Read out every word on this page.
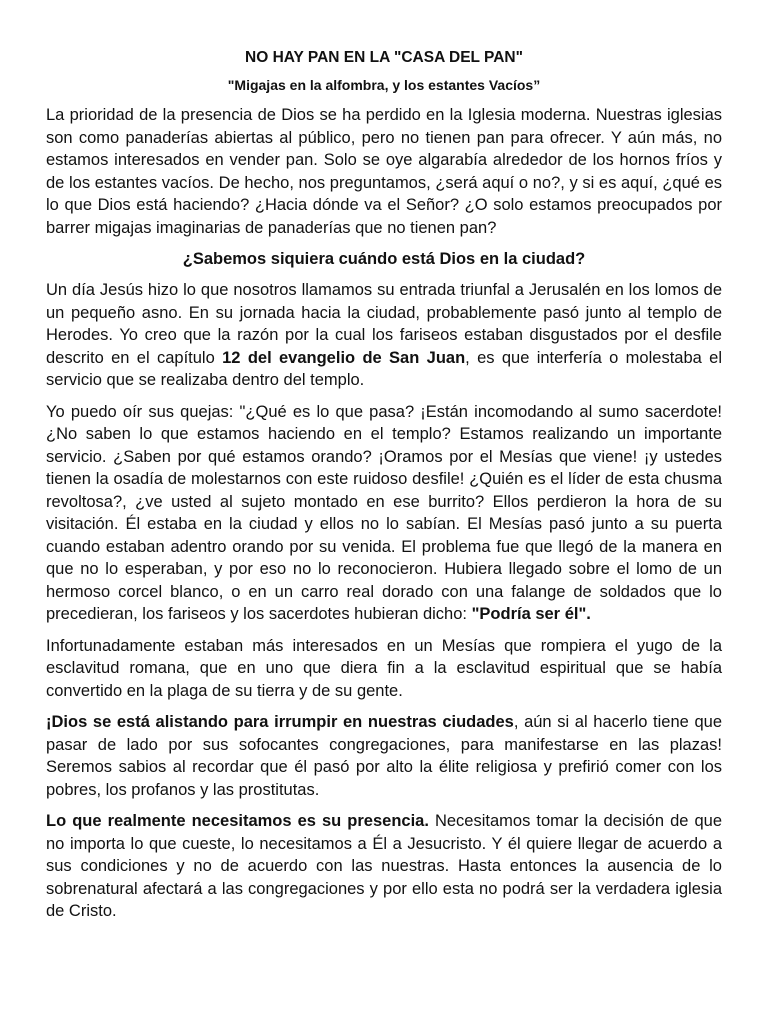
NO HAY PAN EN LA "CASA DEL PAN"
"Migajas en la alfombra, y los estantes Vacíos”

La prioridad de la presencia de Dios se ha perdido en la Iglesia moderna. Nuestras iglesias son como panaderías abiertas al público, pero no tienen pan para ofrecer. Y aún más, no estamos interesados en vender pan. Solo se oye algarabía alrededor de los hornos fríos y de los estantes vacíos. De hecho, nos preguntamos, ¿será aquí o no?, y si es aquí, ¿qué es lo que Dios está haciendo? ¿Hacia dónde va el Señor? ¿O solo estamos preocupados por barrer migajas imaginarias de panaderías que no tienen pan?

¿Sabemos siquiera cuándo está Dios en la ciudad?

Un día Jesús hizo lo que nosotros llamamos su entrada triunfal a Jerusalén en los lomos de un pequeño asno. En su jornada hacia la ciudad, probablemente pasó junto al templo de Herodes. Yo creo que la razón por la cual los fariseos estaban disgustados por el desfile descrito en el capítulo 12 del evangelio de San Juan, es que interfería o molestaba el servicio que se realizaba dentro del templo.

Yo puedo oír sus quejas: "¿Qué es lo que pasa? ¡Están incomodando al sumo sacerdote! ¿No saben lo que estamos haciendo en el templo? Estamos realizando un importante servicio. ¿Saben por qué estamos orando? ¡Oramos por el Mesías que viene! ¡y ustedes tienen la osadía de molestarnos con este ruidoso desfile! ¿Quién es el líder de esta chusma revoltosa?, ¿ve usted al sujeto montado en ese burrito? Ellos perdieron la hora de su visitación. Él estaba en la ciudad y ellos no lo sabían. El Mesías pasó junto a su puerta cuando estaban adentro orando por su venida. El problema fue que llegó de la manera en que no lo esperaban, y por eso no lo reconocieron. Hubiera llegado sobre el lomo de un hermoso corcel blanco, o en un carro real dorado con una falange de soldados que lo precedieran, los fariseos y los sacerdotes hubieran dicho: "Podría ser él".

Infortunadamente estaban más interesados en un Mesías que rompiera el yugo de la esclavitud romana, que en uno que diera fin a la esclavitud espiritual que se había convertido en la plaga de su tierra y de su gente.

¡Dios se está alistando para irrumpir en nuestras ciudades, aún si al hacerlo tiene que pasar de lado por sus sofocantes congregaciones, para manifestarse en las plazas! Seremos sabios al recordar que él pasó por alto la élite religiosa y prefirió comer con los pobres, los profanos y las prostitutas.

Lo que realmente necesitamos es su presencia. Necesitamos tomar la decisión de que no importa lo que cueste, lo necesitamos a Él a Jesucristo. Y él quiere llegar de acuerdo a sus condiciones y no de acuerdo con las nuestras. Hasta entonces la ausencia de lo sobrenatural afectará a las congregaciones y por ello esta no podrá ser la verdadera iglesia de Cristo.
